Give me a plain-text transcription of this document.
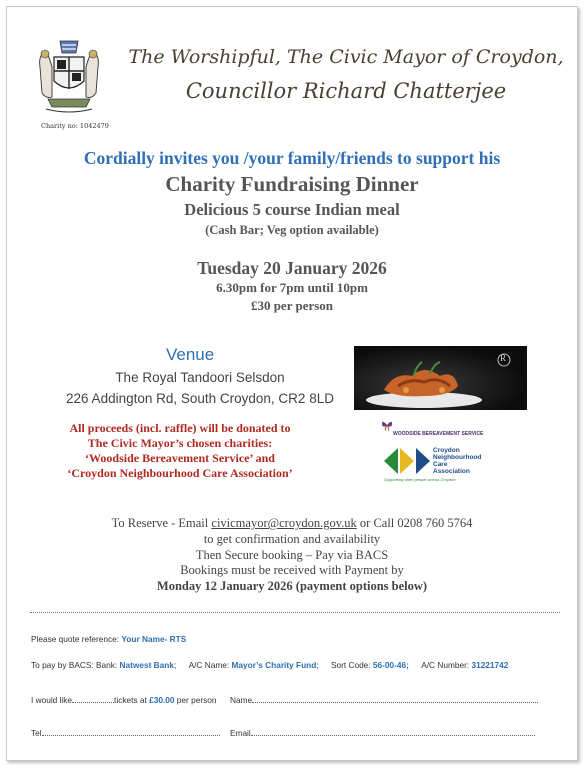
Charity no: 1042479
The Worshipful, The Civic Mayor of Croydon,
Councillor Richard Chatterjee
Cordially invites you /your family/friends to support his
Charity Fundraising Dinner
Delicious 5 course Indian meal
(Cash Bar; Veg option available)
Tuesday 20 January 2026
6.30pm for 7pm until 10pm
£30 per person
Venue
The Royal Tandoori Selsdon
226 Addington Rd, South Croydon, CR2 8LD
All proceeds (incl. raffle) will be donated to
The Civic Mayor’s chosen charities:
‘Woodside Bereavement Service’ and
‘Croydon Neighbourhood Care Association’
R
WOODSIDE BEREAVEMENT SERVICE
Croydon
Neighbourhood
Care
Association
Supporting older people across Croydon
To Reserve - Email civicmayor@croydon.gov.uk or Call 0208 760 5764
to get confirmation and availability
Then Secure booking – Pay via BACS
Bookings must be received with Payment by
Monday 12 January 2026 (payment options below)
Please quote reference: Your Name- RTS
To pay by BACS: Bank: Natwest Bank; A/C Name: Mayor’s Charity Fund; Sort Code: 56-00-46; A/C Number: 31221742
I would like	tickets at £30.00 per person Name
Tel	Email
